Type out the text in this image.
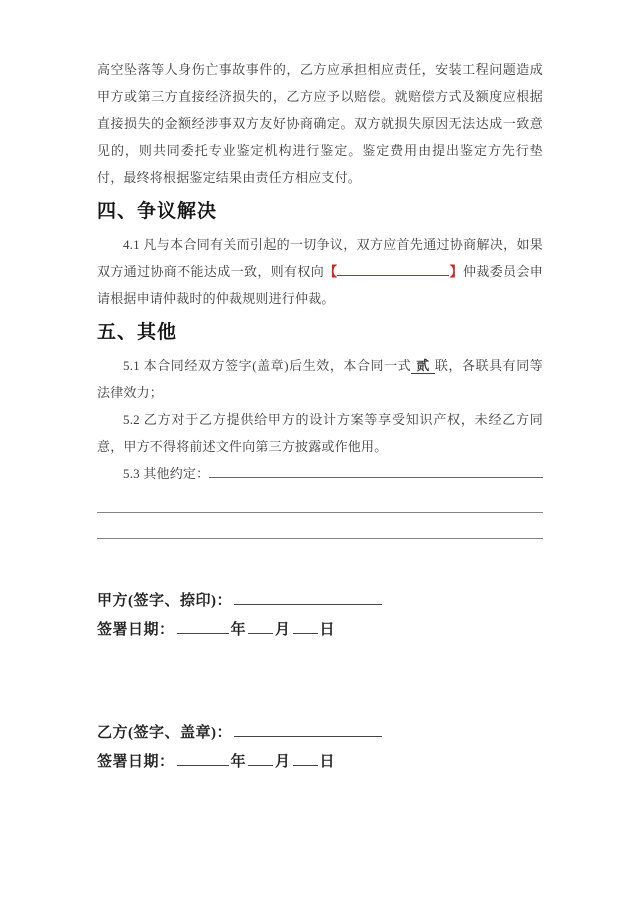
高空坠落等人身伤亡事故事件的，乙方应承担相应责任，安装工程问题造成甲方或第三方直接经济损失的，乙方应予以赔偿。就赔偿方式及额度应根据直接损失的金额经涉事双方友好协商确定。双方就损失原因无法达成一致意见的，则共同委托专业鉴定机构进行鉴定。鉴定费用由提出鉴定方先行垫付，最终将根据鉴定结果由责任方相应支付。

四、争议解决

4.1 凡与本合同有关而引起的一切争议，双方应首先通过协商解决，如果双方通过协商不能达成一致，则有权向【	】仲裁委员会申请根据申请仲裁时的仲裁规则进行仲裁。

五、其他

5.1 本合同经双方签字(盖章)后生效，本合同一式 贰 联，各联具有同等法律效力；

5.2 乙方对于乙方提供给甲方的设计方案等享受知识产权，未经乙方同意，甲方不得将前述文件向第三方披露或作他用。

5.3 其他约定：
甲方(签字、捺印)：
签署日期：	年 月 日
乙方(签字、盖章)：
签署日期：	年 月 日
